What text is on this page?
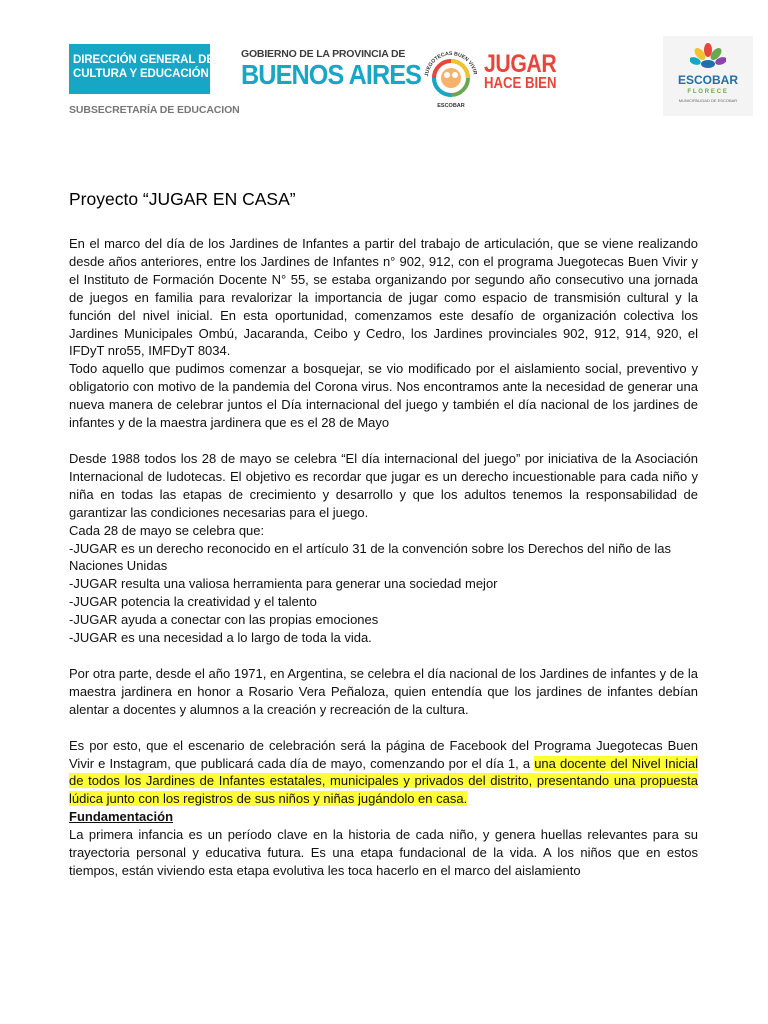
DIRECCIÓN GENERAL DE
CULTURA Y EDUCACIÓN
SUBSECRETARÍA DE EDUCACION
GOBIERNO DE LA PROVINCIA DE
BUENOS AIRES JUEGOTECAS BUEN VIVIR
ESCOBAR
JUGAR
HACE BIEN	ESCOBAR
FLORECE
MUNICIPALIDAD DE ESCOBAR
Proyecto “JUGAR EN CASA”

En el marco del día de los Jardines de Infantes a partir del trabajo de articulación, que se viene realizando desde años anteriores, entre los Jardines de Infantes n° 902, 912, con el programa Juegotecas Buen Vivir y el Instituto de Formación Docente N° 55, se estaba organizando por segundo año consecutivo una jornada de juegos en familia para revalorizar la importancia de jugar como espacio de transmisión cultural y la función del nivel inicial. En esta oportunidad, comenzamos este desafío de organización colectiva los Jardines Municipales Ombú, Jacaranda, Ceibo y Cedro, los Jardines provinciales 902, 912, 914, 920, el IFDyT nro55, IMFDyT 8034.

Todo aquello que pudimos comenzar a bosquejar, se vio modificado por el aislamiento social, preventivo y obligatorio con motivo de la pandemia del Corona virus. Nos encontramos ante la necesidad de generar una nueva manera de celebrar juntos el Día internacional del juego y también el día nacional de los jardines de infantes y de la maestra jardinera que es el 28 de Mayo

Desde 1988 todos los 28 de mayo se celebra “El día internacional del juego” por iniciativa de la Asociación Internacional de ludotecas. El objetivo es recordar que jugar es un derecho incuestionable para cada niño y niña en todas las etapas de crecimiento y desarrollo y que los adultos tenemos la responsabilidad de garantizar las condiciones necesarias para el juego.

Cada 28 de mayo se celebra que:

-JUGAR es un derecho reconocido en el artículo 31 de la convención sobre los Derechos del niño de las Naciones Unidas

-JUGAR resulta una valiosa herramienta para generar una sociedad mejor

-JUGAR potencia la creatividad y el talento

-JUGAR ayuda a conectar con las propias emociones

-JUGAR es una necesidad a lo largo de toda la vida.

Por otra parte, desde el año 1971, en Argentina, se celebra el día nacional de los Jardines de infantes y de la maestra jardinera en honor a Rosario Vera Peñaloza, quien entendía que los jardines de infantes debían alentar a docentes y alumnos a la creación y recreación de la cultura.

Es por esto, que el escenario de celebración será la página de Facebook del Programa Juegotecas Buen Vivir e Instagram, que publicará cada día de mayo, comenzando por el día 1, a una docente del Nivel Inicial de todos los Jardines de Infantes estatales, municipales y privados del distrito, presentando una propuesta lúdica junto con los registros de sus niños y niñas jugándolo en casa.

Fundamentación

La primera infancia es un período clave en la historia de cada niño, y genera huellas relevantes para su trayectoria personal y educativa futura. Es una etapa fundacional de la vida. A los niños que en estos tiempos, están viviendo esta etapa evolutiva les toca hacerlo en el marco del aislamiento
